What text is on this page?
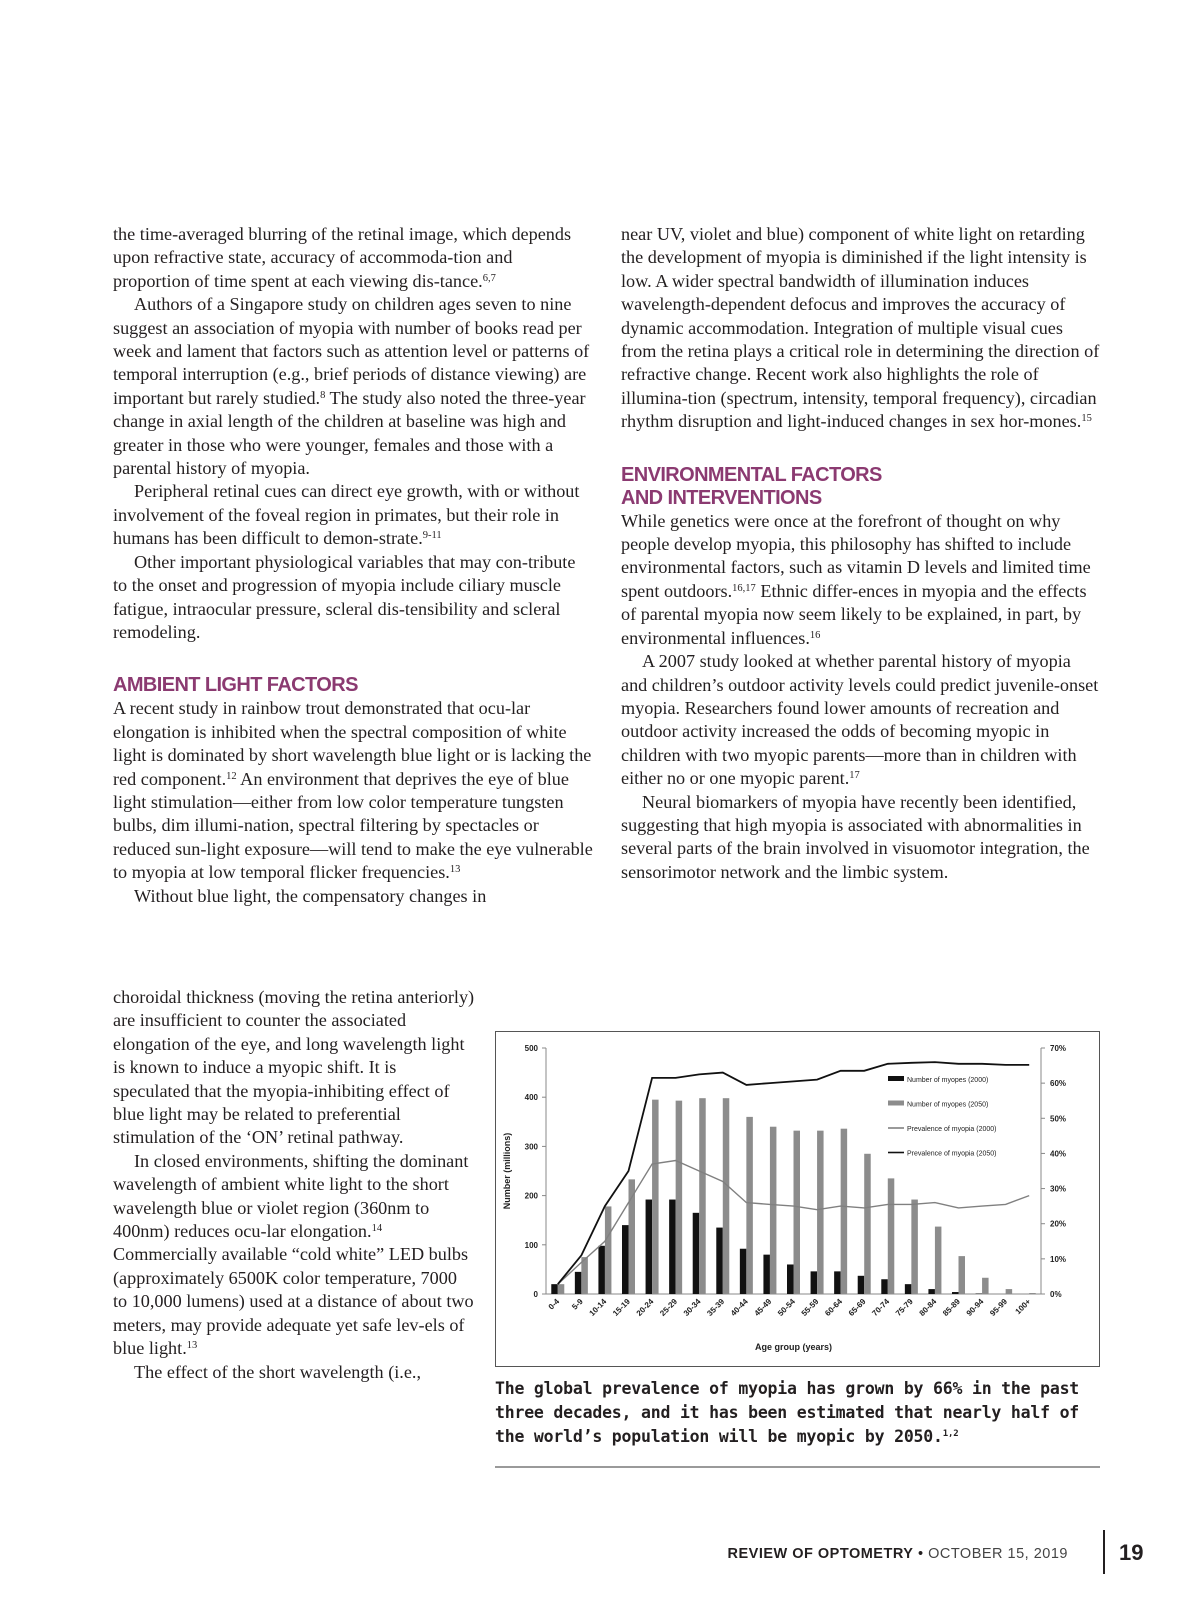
the time-averaged blurring of the retinal image, which depends upon refractive state, accuracy of accommoda-tion and proportion of time spent at each viewing dis-tance.$^{6,7}$

Authors of a Singapore study on children ages seven to nine suggest an association of myopia with number of books read per week and lament that factors such as attention level or patterns of temporal interruption (e.g., brief periods of distance viewing) are important but rarely studied.$^8$ The study also noted the three-year change in axial length of the children at baseline was high and greater in those who were younger, females and those with a parental history of myopia.

Peripheral retinal cues can direct eye growth, with or without involvement of the foveal region in primates, but their role in humans has been difficult to demon-strate.$^{9-11}$

Other important physiological variables that may con-tribute to the onset and progression of myopia include ciliary muscle fatigue, intraocular pressure, scleral dis-tensibility and scleral remodeling.

AMBIENT LIGHT FACTORS

A recent study in rainbow trout demonstrated that ocu-lar elongation is inhibited when the spectral composition of white light is dominated by short wavelength blue light or is lacking the red component.$^{12}$ An environment that deprives the eye of blue light stimulation—either from low color temperature tungsten bulbs, dim illumi-nation, spectral filtering by spectacles or reduced sun-light exposure—will tend to make the eye vulnerable to myopia at low temporal flicker frequencies.$^{13}$

Without blue light, the compensatory changes in

choroidal thickness (moving the retina anteriorly) are insufficient to counter the associated elongation of the eye, and long wavelength light is known to induce a myopic shift. It is speculated that the myopia-inhibiting effect of blue light may be related to preferential stimulation of the ‘ON’ retinal pathway.

In closed environments, shifting the dominant wavelength of ambient white light to the short wavelength blue or violet region (360nm to 400nm) reduces ocu-lar elongation.$^{14}$ Commercially available “cold white” LED bulbs (approximately 6500K color temperature, 7000 to 10,000 lumens) used at a distance of about two meters, may provide adequate yet safe lev-els of blue light.$^{13}$

The effect of the short wavelength (i.e.,

near UV, violet and blue) component of white light on retarding the development of myopia is diminished if the light intensity is low. A wider spectral bandwidth of illumination induces wavelength-dependent defocus and improves the accuracy of dynamic accommodation. Integration of multiple visual cues from the retina plays a critical role in determining the direction of refractive change. Recent work also highlights the role of illumina-tion (spectrum, intensity, temporal frequency), circadian rhythm disruption and light-induced changes in sex hor-mones.$^{15}$

ENVIRONMENTAL FACTORS
AND INTERVENTIONS

While genetics were once at the forefront of thought on why people develop myopia, this philosophy has shifted to include environmental factors, such as vitamin D levels and limited time spent outdoors.$^{16,17}$ Ethnic differ-ences in myopia and the effects of parental myopia now seem likely to be explained, in part, by environmental influences.$^{16}$

A 2007 study looked at whether parental history of myopia and children’s outdoor activity levels could predict juvenile-onset myopia. Researchers found lower amounts of recreation and outdoor activity increased the odds of becoming myopic in children with two myopic parents—more than in children with either no or one myopic parent.$^{17}$

Neural biomarkers of myopia have recently been identified, suggesting that high myopia is associated with abnormalities in several parts of the brain involved in visuomotor integration, the sensorimotor network and the limbic system.

0
100
200
300
400
500
0%
10%
20%
30%
40%
50%
60%
70%
0-4 5-9 10-14 15-19 20-24 25-29 30-34 35-39 40-44 45-49 50-54 55-59 60-64 65-69 70-74 75-79 80-84 85-89 90-94 95-99 100+
Number of myopes (2000)
Number of myopes (2050)
Prevalence of myopia (2000)
Prevalence of myopia (2050)
Age group (years)
Number (millions)
The global prevalence of myopia has grown by 66% in the past three decades, and it has been estimated that nearly half of the world’s population will be myopic by 2050.$^{1,2}$
REVIEW OF OPTOMETRY • OCTOBER 15, 2019 19
